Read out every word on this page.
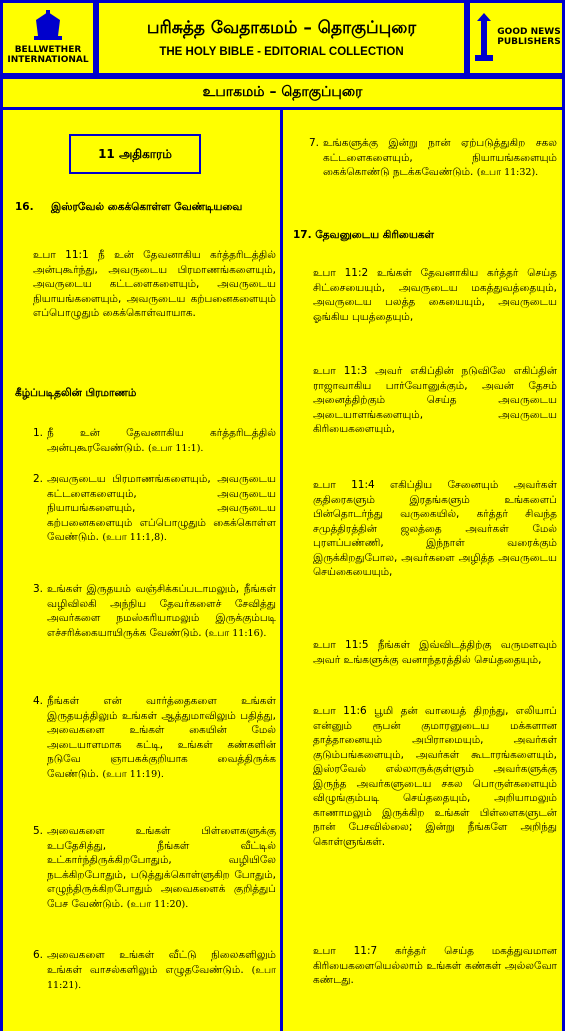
BELLWETHER INTERNATIONAL
பரிசுத்த வேதாகமம் – தொகுப்புரை
THE HOLY BIBLE - EDITORIAL COLLECTION
GOOD NEWS PUBLISHERS
உபாகமம் – தொகுப்புரை
11 அதிகாரம்
16.	இஸ்ரவேல் கைக்கொள்ள வேண்டியவை
உபா 11:1 நீ உன் தேவனாகிய கர்த்தரிடத்தில் அன்புகூர்ந்து, அவருடைய பிரமாணங்களையும், அவருடைய கட்டளைகளையும், அவருடைய நியாயங்களையும், அவருடைய கற்பனைகளையும் எப்பொழுதும் கைக்கொள்வாயாக.
கீழ்ப்படிதலின் பிரமாணம்
1. நீ உன் தேவனாகிய கர்த்தரிடத்தில் அன்புகூரவேண்டும். (உபா 11:1).
2. அவருடைய பிரமாணங்களையும், அவருடைய கட்டளைகளையும், அவருடைய நியாயங்களையும், அவருடைய கற்பனைகளையும் எப்பொழுதும் கைக்கொள்ள வேண்டும். (உபா 11:1,8).
3. உங்கள் இருதயம் வஞ்சிக்கப்படாமலும், நீங்கள் வழிவிலகி அந்நிய தேவர்களைச் சேவித்து அவர்களை நமஸ்கரியாமலும் இருக்கும்படி எச்சரிக்கையாயிருக்க வேண்டும். (உபா 11:16).
4. நீங்கள் என் வார்த்தைகளை உங்கள் இருதயத்திலும் உங்கள் ஆத்துமாவிலும் பதித்து, அவைகளை உங்கள் கையின் மேல் அடையாளமாக கட்டி, உங்கள் கண்களின் நடுவே ஞாபகக்குறியாக வைத்திருக்க வேண்டும். (உபா 11:19).
5. அவைகளை உங்கள் பிள்ளைகளுக்கு உபதேசித்து, நீங்கள் வீட்டில் உட்கார்ந்திருக்கிறபோதும், வழியிலே நடக்கிறபோதும், படுத்துக்கொள்ளுகிற போதும், எழுந்திருக்கிறபோதும் அவைகளைக் குறித்துப் பேச வேண்டும். (உபா 11:20).
6. அவைகளை உங்கள் வீட்டு நிலைகளிலும் உங்கள் வாசல்களிலும் எழுதவேண்டும். (உபா 11:21).
7. உங்களுக்கு இன்று நான் ஏற்படுத்துகிற சகல கட்டளைகளையும், நியாயங்களையும் கைக்கொண்டு நடக்கவேண்டும். (உபா 11:32).
17. தேவனுடைய கிரியைகள்
உபா 11:2 உங்கள் தேவனாகிய கர்த்தர் செய்த சிட்சையையும், அவருடைய மகத்துவத்தையும், அவருடைய பலத்த கையையும், அவருடைய ஓங்கிய புயத்தையும்,
உபா 11:3 அவர் எகிப்தின் நடுவிலே எகிப்தின் ராஜாவாகிய பார்வோனுக்கும், அவன் தேசம் அனைத்திற்கும் செய்த அவருடைய அடையாளங்களையும், அவருடைய கிரியைகளையும்,
உபா 11:4 எகிப்திய சேனையும் அவர்கள் குதிரைகளும் இரதங்களும் உங்களைப் பின்தொடர்ந்து வருகையில், கர்த்தர் சிவந்த சமுத்திரத்தின் ஜலத்தை அவர்கள் மேல் புரளப்பண்ணி, இந்நாள் வரைக்கும் இருக்கிறதுபோல, அவர்களை அழித்த அவருடைய செய்கையையும்,
உபா 11:5 நீங்கள் இவ்விடத்திற்கு வருமளவும் அவர் உங்களுக்கு வனாந்தரத்தில் செய்ததையும்,
உபா 11:6 பூமி தன் வாயைத் திறந்து, எலியாப் என்னும் ரூபன் குமாரனுடைய மக்களான தாத்தானையும் அபிராமையும், அவர்கள் குடும்பங்களையும், அவர்கள் கூடாரங்களையும், இஸ்ரவேல் எல்லாருக்குள்ளும் அவர்களுக்கு இருந்த அவர்களுடைய சகல பொருள்களையும் விழுங்கும்படி செய்ததையும், அறியாமலும் காணாமலும் இருக்கிற உங்கள் பிள்ளைகளுடன் நான் பேசவில்லை; இன்று நீங்களே அறிந்து கொள்ளுங்கள்.
உபா 11:7 கர்த்தர் செய்த மகத்துவமான கிரியைகளையெல்லாம் உங்கள் கண்கள் அல்லவோ கண்டது.
